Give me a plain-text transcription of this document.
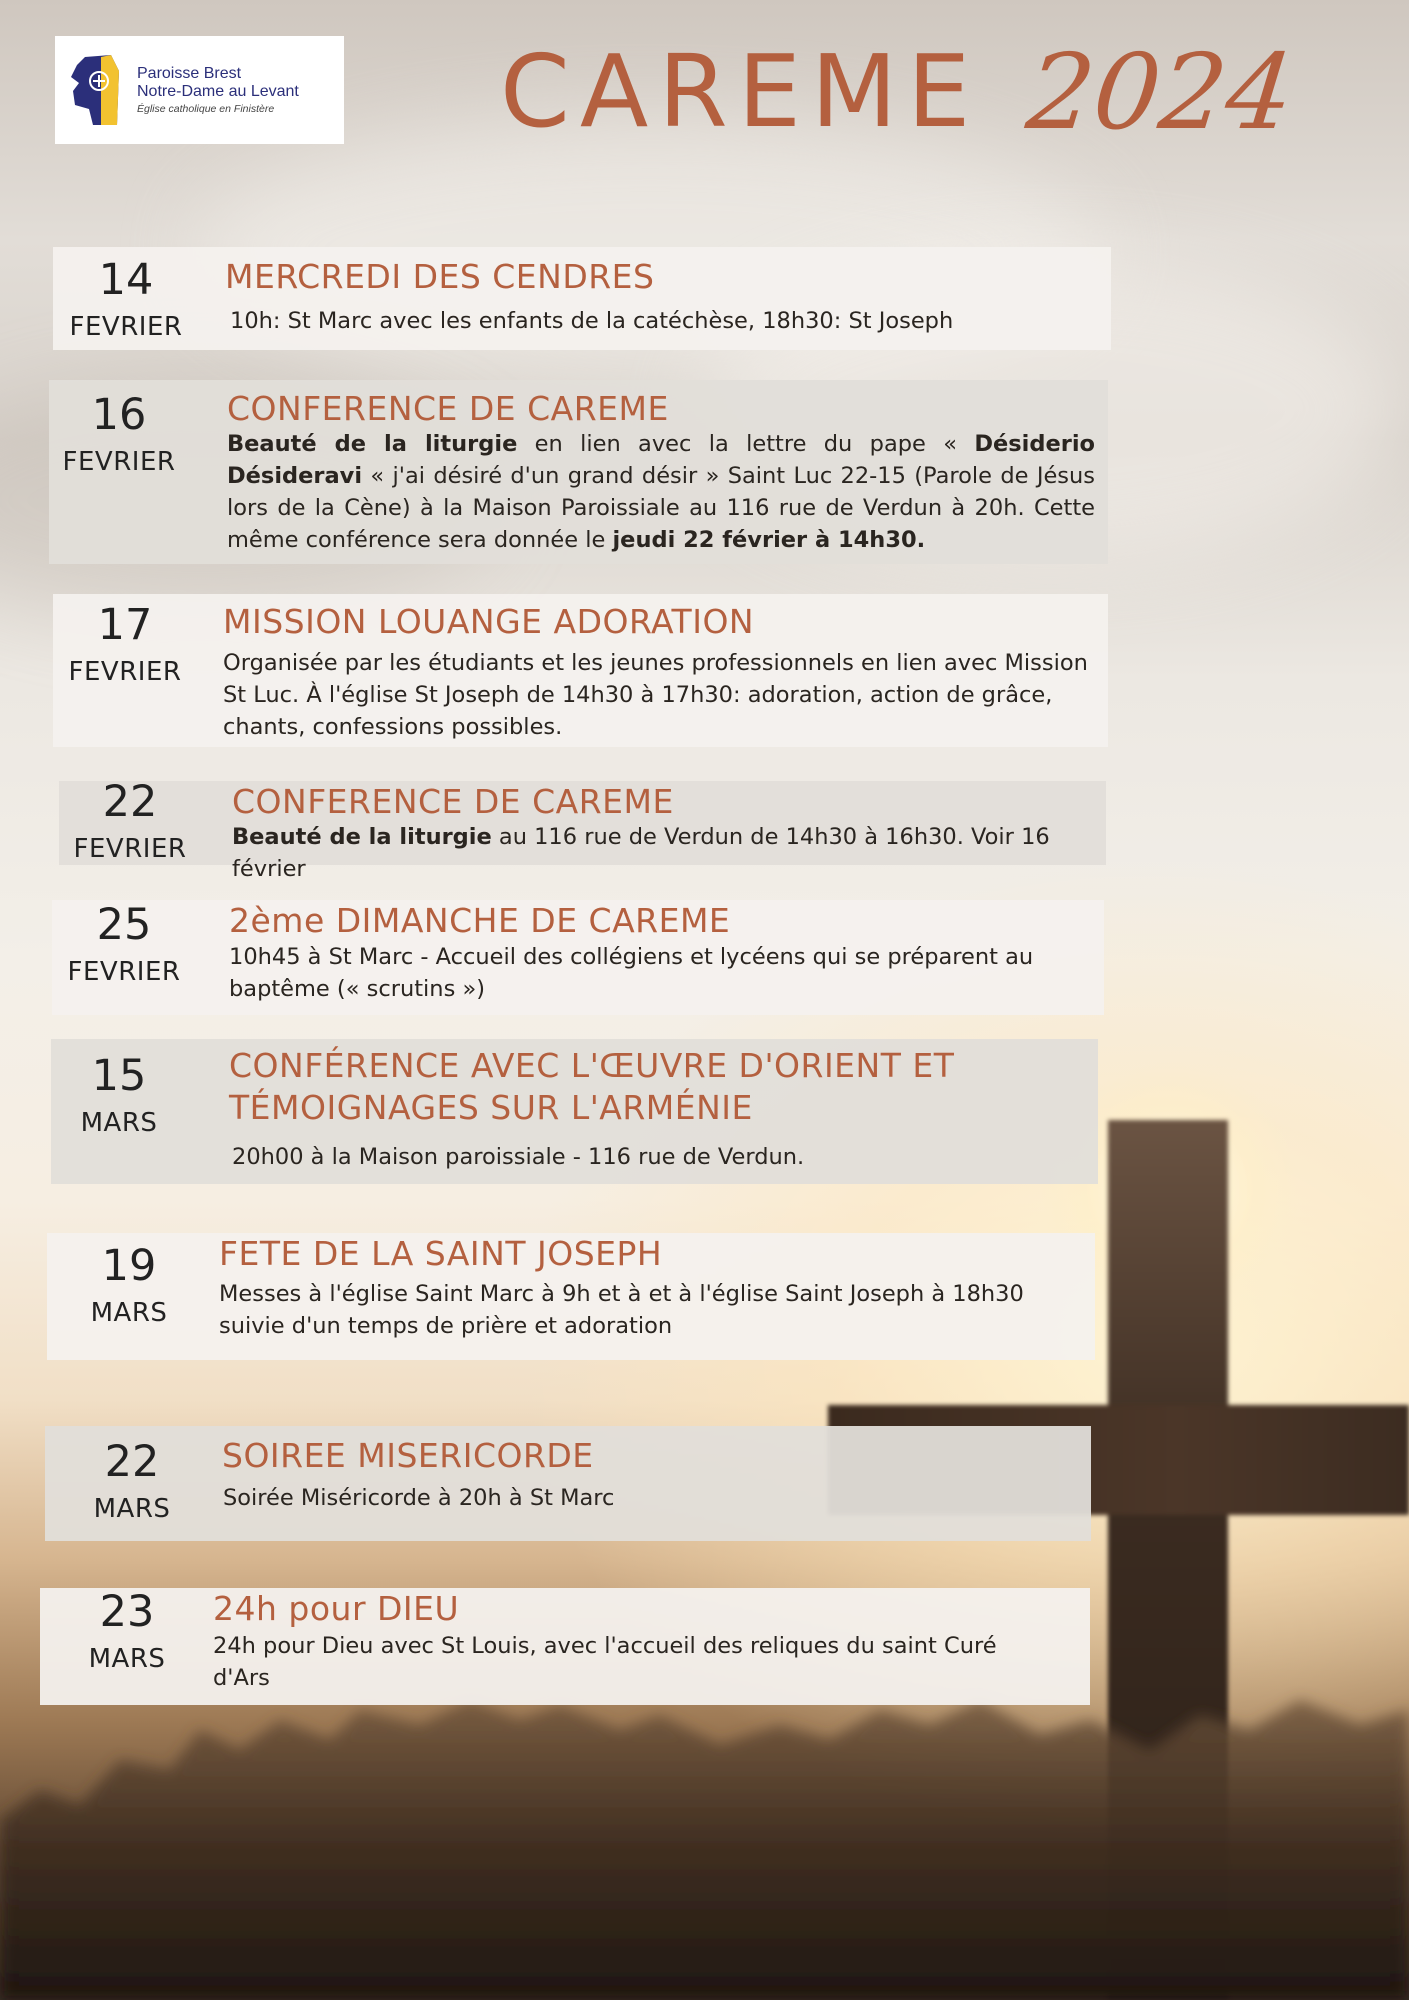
Paroisse Brest
Notre-Dame au Levant
Église catholique en Finistère CAREME 2024
14
FEVRIER
MERCREDI DES CENDRES
10h: St Marc avec les enfants de la catéchèse, 18h30: St Joseph
16
FEVRIER
CONFERENCE DE CAREME
Beauté de la liturgie en lien avec la lettre du pape « Désiderio Désideravi « j'ai désiré d'un grand désir » Saint Luc 22-15 (Parole de Jésus lors de la Cène) à la Maison Paroissiale au 116 rue de Verdun à 20h. Cette même conférence sera donnée le jeudi 22 février à 14h30.
17
FEVRIER
MISSION LOUANGE ADORATION
Organisée par les étudiants et les jeunes professionnels en lien avec Mission St Luc. À l'église St Joseph de 14h30 à 17h30: adoration, action de grâce, chants, confessions possibles.
22
FEVRIER
CONFERENCE DE CAREME
Beauté de la liturgie au 116 rue de Verdun de 14h30 à 16h30. Voir 16 février
25
FEVRIER
2ème DIMANCHE DE CAREME
10h45 à St Marc - Accueil des collégiens et lycéens qui se préparent au baptême (« scrutins »)
15
MARS
CONFÉRENCE AVEC L'ŒUVRE D'ORIENT ET TÉMOIGNAGES SUR L'ARMÉNIE
20h00 à la Maison paroissiale - 116 rue de Verdun.
19
MARS
FETE DE LA SAINT JOSEPH
Messes à l'église Saint Marc à 9h et à et à l'église Saint Joseph à 18h30 suivie d'un temps de prière et adoration
22
MARS
SOIREE MISERICORDE
Soirée Miséricorde à 20h à St Marc
23
MARS
24h pour DIEU
24h pour Dieu avec St Louis, avec l'accueil des reliques du saint Curé d'Ars
